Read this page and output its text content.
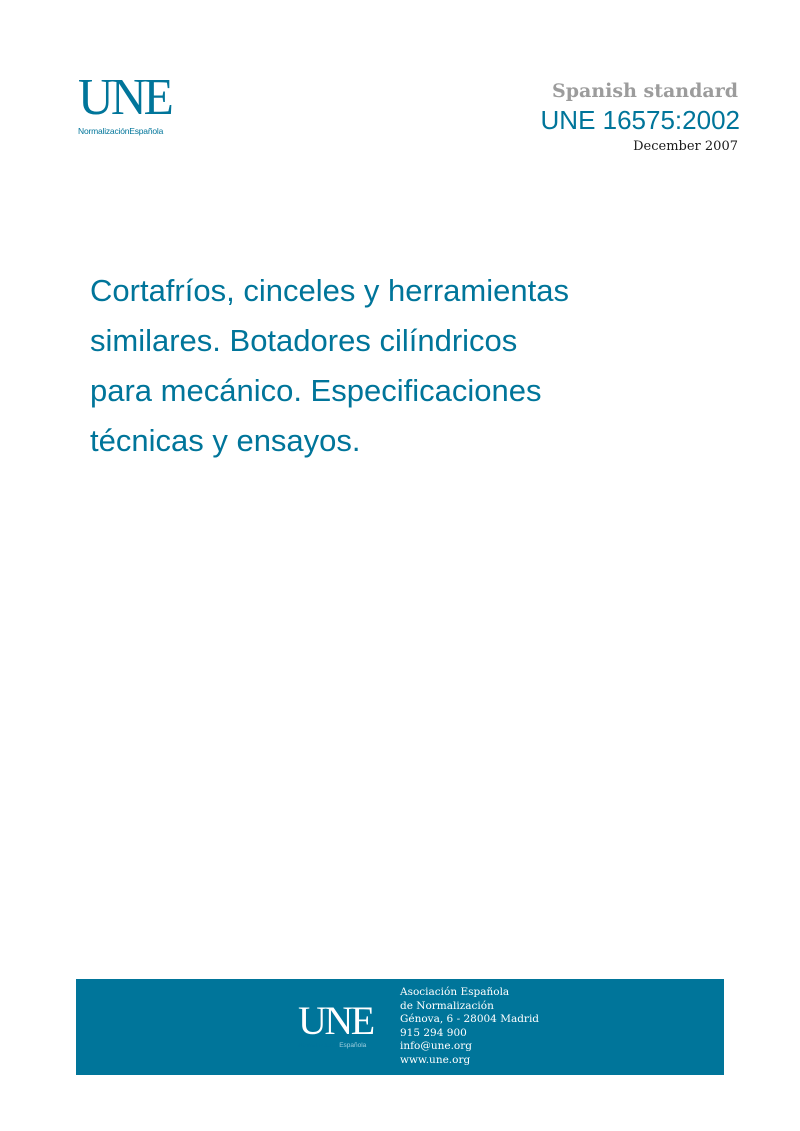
UNE
NormalizaciónEspañola
Spanish standard
UNE 16575:2002
December 2007
Cortafríos, cinceles y herramientas
similares. Botadores cilíndricos
para mecánico. Especificaciones
técnicas y ensayos.
UNE
NormalizaciónEspañola
Asociación Española
de Normalización
Génova, 6 - 28004 Madrid
915 294 900
info@une.org
www.une.org
